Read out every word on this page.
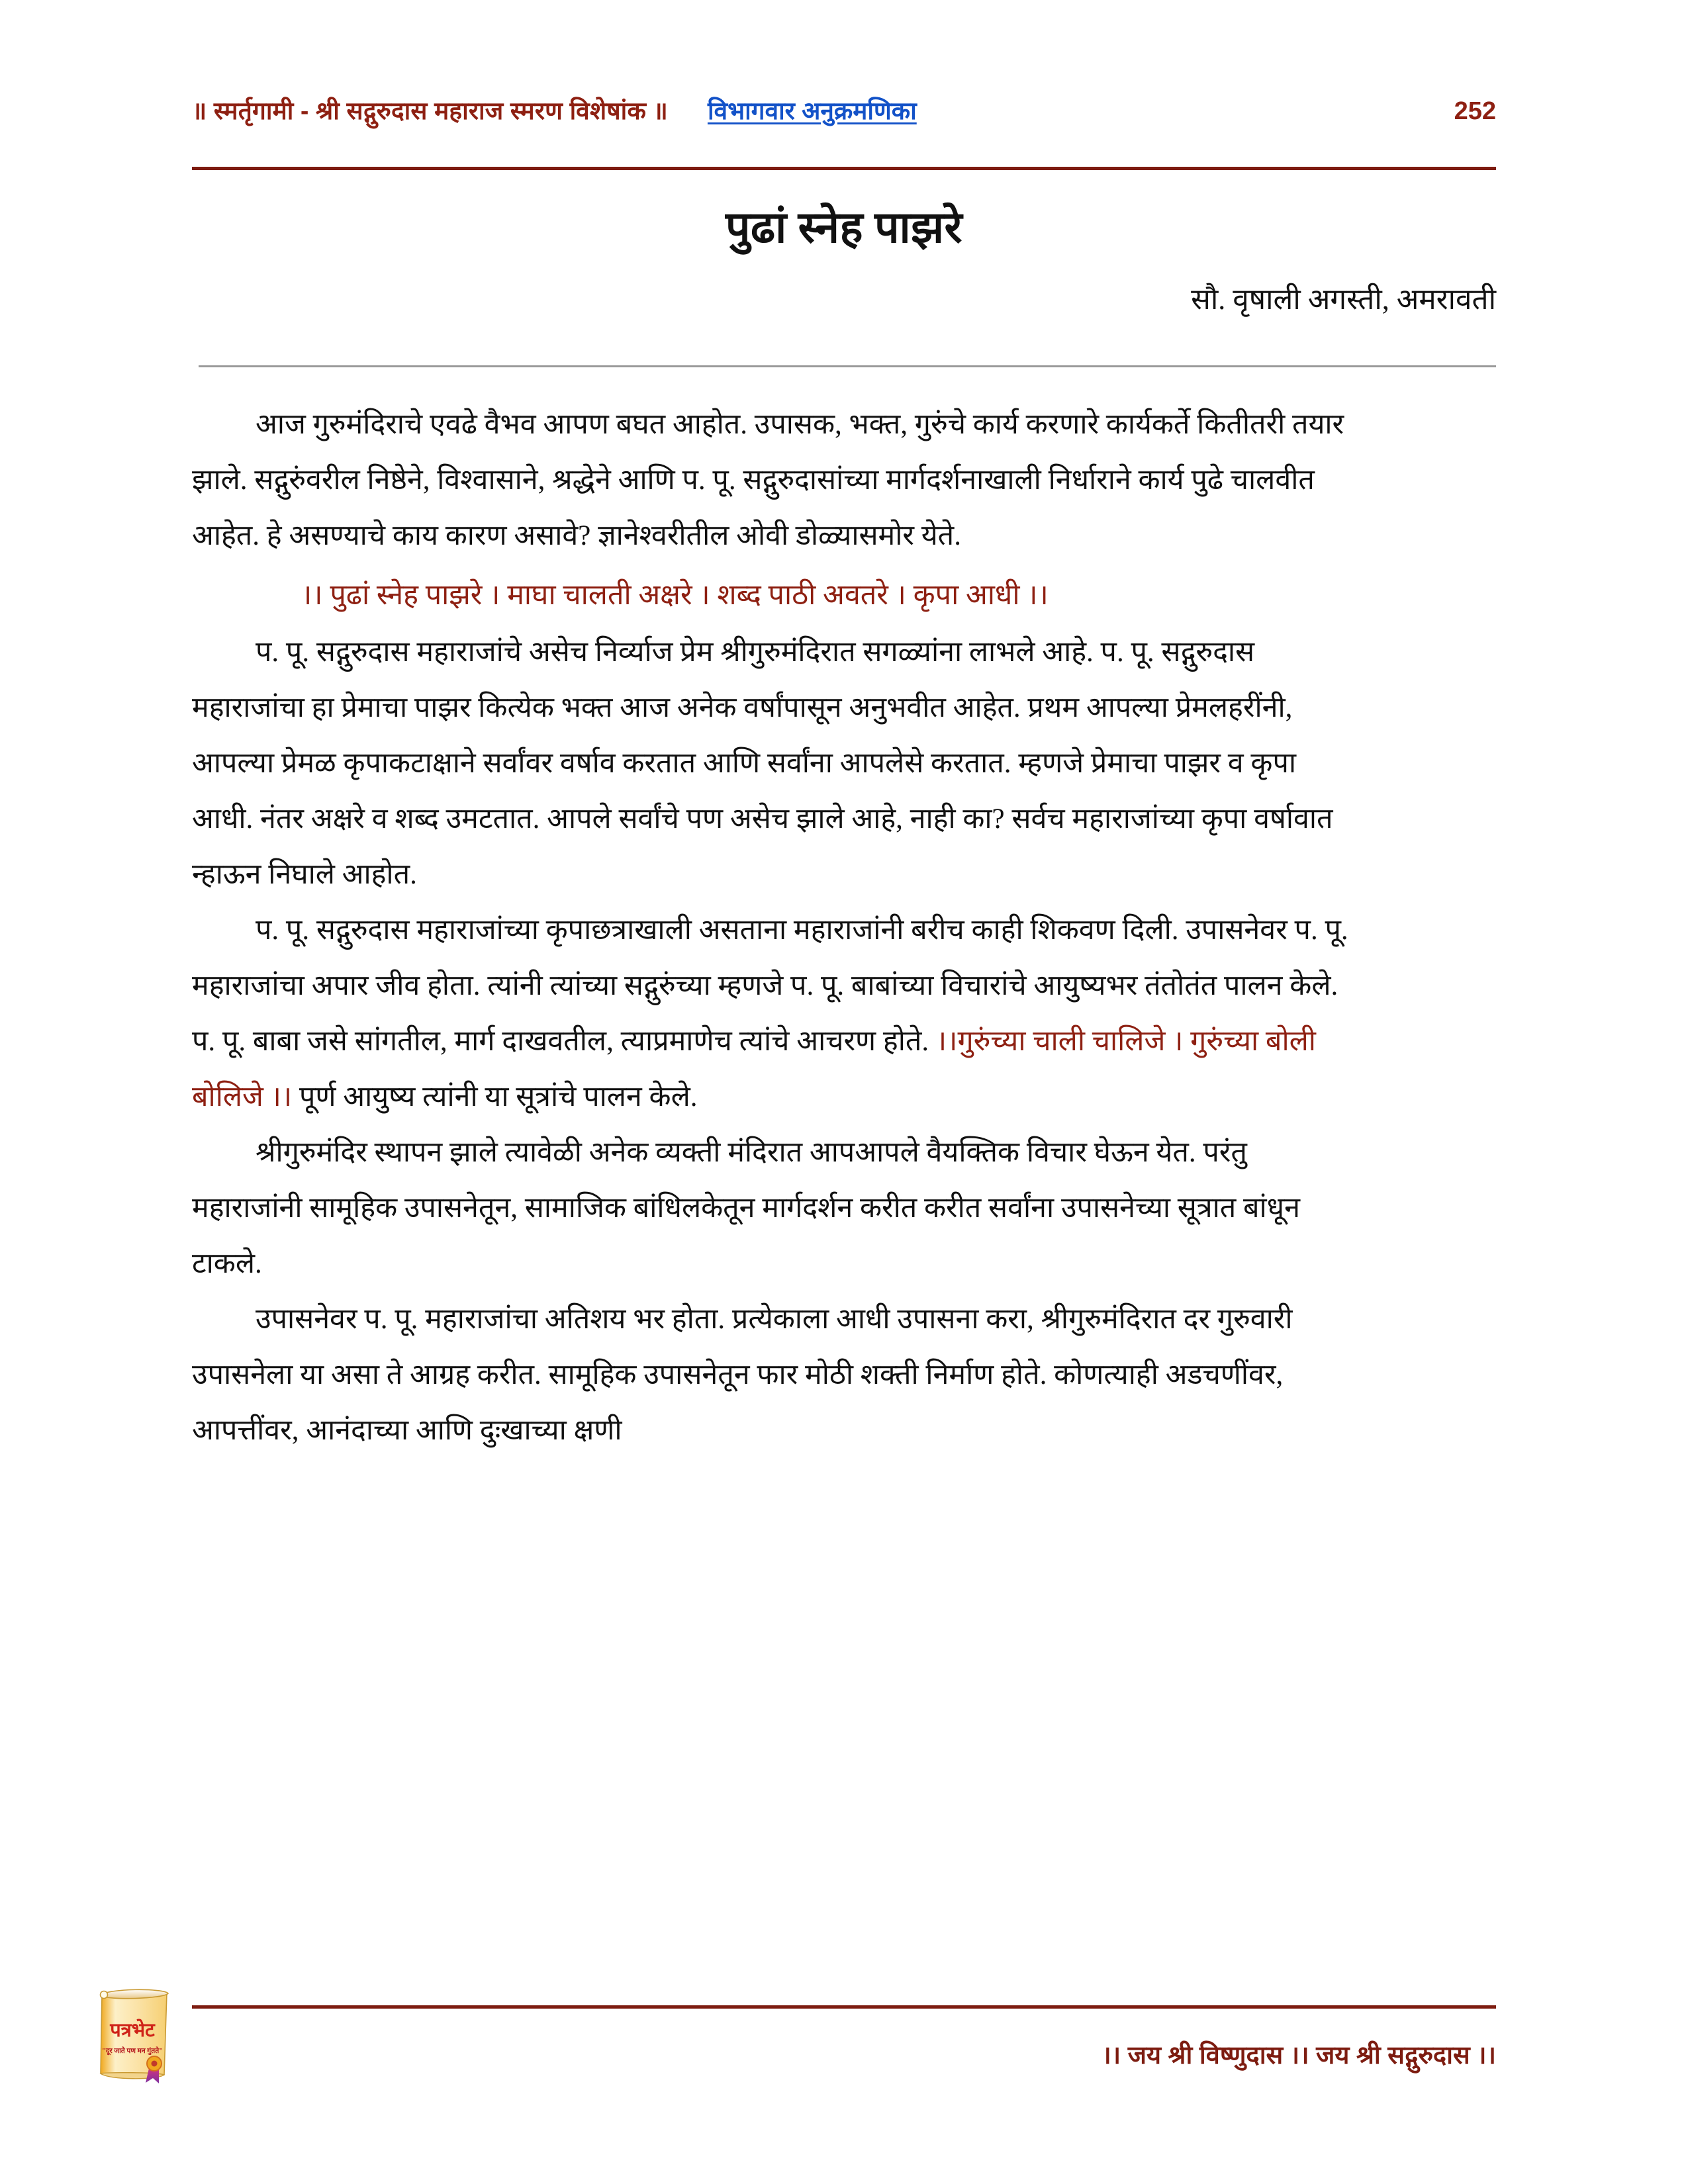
॥ स्मर्तृगामी - श्री सद्गुरुदास महाराज स्मरण विशेषांक ॥ विभागवार अनुक्रमणिका	252
पुढां स्नेह पाझरे
सौ. वृषाली अगस्ती, अमरावती

आज गुरुमंदिराचे एवढे वैभव आपण बघत आहोत. उपासक, भक्त, गुरुंचे कार्य करणारे कार्यकर्ते कितीतरी तयार झाले. सद्गुरुंवरील निष्ठेने, विश्वासाने, श्रद्धेने आणि प. पू. सद्गुरुदासांच्या मार्गदर्शनाखाली निर्धाराने कार्य पुढे चालवीत आहेत. हे असण्याचे काय कारण असावे? ज्ञानेश्वरीतील ओवी डोळ्यासमोर येते.

।। पुढां स्नेह पाझरे । माघा चालती अक्षरे । शब्द पाठी अवतरे । कृपा आधी ।।

प. पू. सद्गुरुदास महाराजांचे असेच निर्व्याज प्रेम श्रीगुरुमंदिरात सगळ्यांना लाभले आहे. प. पू. सद्गुरुदास महाराजांचा हा प्रेमाचा पाझर कित्येक भक्त आज अनेक वर्षांपासून अनुभवीत आहेत. प्रथम आपल्या प्रेमलहरींनी, आपल्या प्रेमळ कृपाकटाक्षाने सर्वांवर वर्षाव करतात आणि सर्वांना आपलेसे करतात. म्हणजे प्रेमाचा पाझर व कृपा आधी. नंतर अक्षरे व शब्द उमटतात. आपले सर्वांचे पण असेच झाले आहे, नाही का? सर्वच महाराजांच्या कृपा वर्षावात न्हाऊन निघाले आहोत.

प. पू. सद्गुरुदास महाराजांच्या कृपाछत्राखाली असताना महाराजांनी बरीच काही शिकवण दिली. उपासनेवर प. पू. महाराजांचा अपार जीव होता. त्यांनी त्यांच्या सद्गुरुंच्या म्हणजे प. पू. बाबांच्या विचारांचे आयुष्यभर तंतोतंत पालन केले. प. पू. बाबा जसे सांगतील, मार्ग दाखवतील, त्याप्रमाणेच त्यांचे आचरण होते. ।।गुरुंच्या चाली चालिजे । गुरुंच्या बोली बोलिजे ।। पूर्ण आयुष्य त्यांनी या सूत्रांचे पालन केले.

श्रीगुरुमंदिर स्थापन झाले त्यावेळी अनेक व्यक्ती मंदिरात आपआपले वैयक्तिक विचार घेऊन येत. परंतु महाराजांनी सामूहिक उपासनेतून, सामाजिक बांधिलकेतून मार्गदर्शन करीत करीत सर्वांना उपासनेच्या सूत्रात बांधून टाकले.

उपासनेवर प. पू. महाराजांचा अतिशय भर होता. प्रत्येकाला आधी उपासना करा, श्रीगुरुमंदिरात दर गुरुवारी उपासनेला या असा ते आग्रह करीत. सामूहिक उपासनेतून फार मोठी शक्ती निर्माण होते. कोणत्याही अडचणींवर, आपत्तींवर, आनंदाच्या आणि दुःखाच्या क्षणी

।। जय श्री विष्णुदास ।। जय श्री सद्गुरुदास ।।
पत्रभेट
"दूर जाते पण मन गुंतते"
